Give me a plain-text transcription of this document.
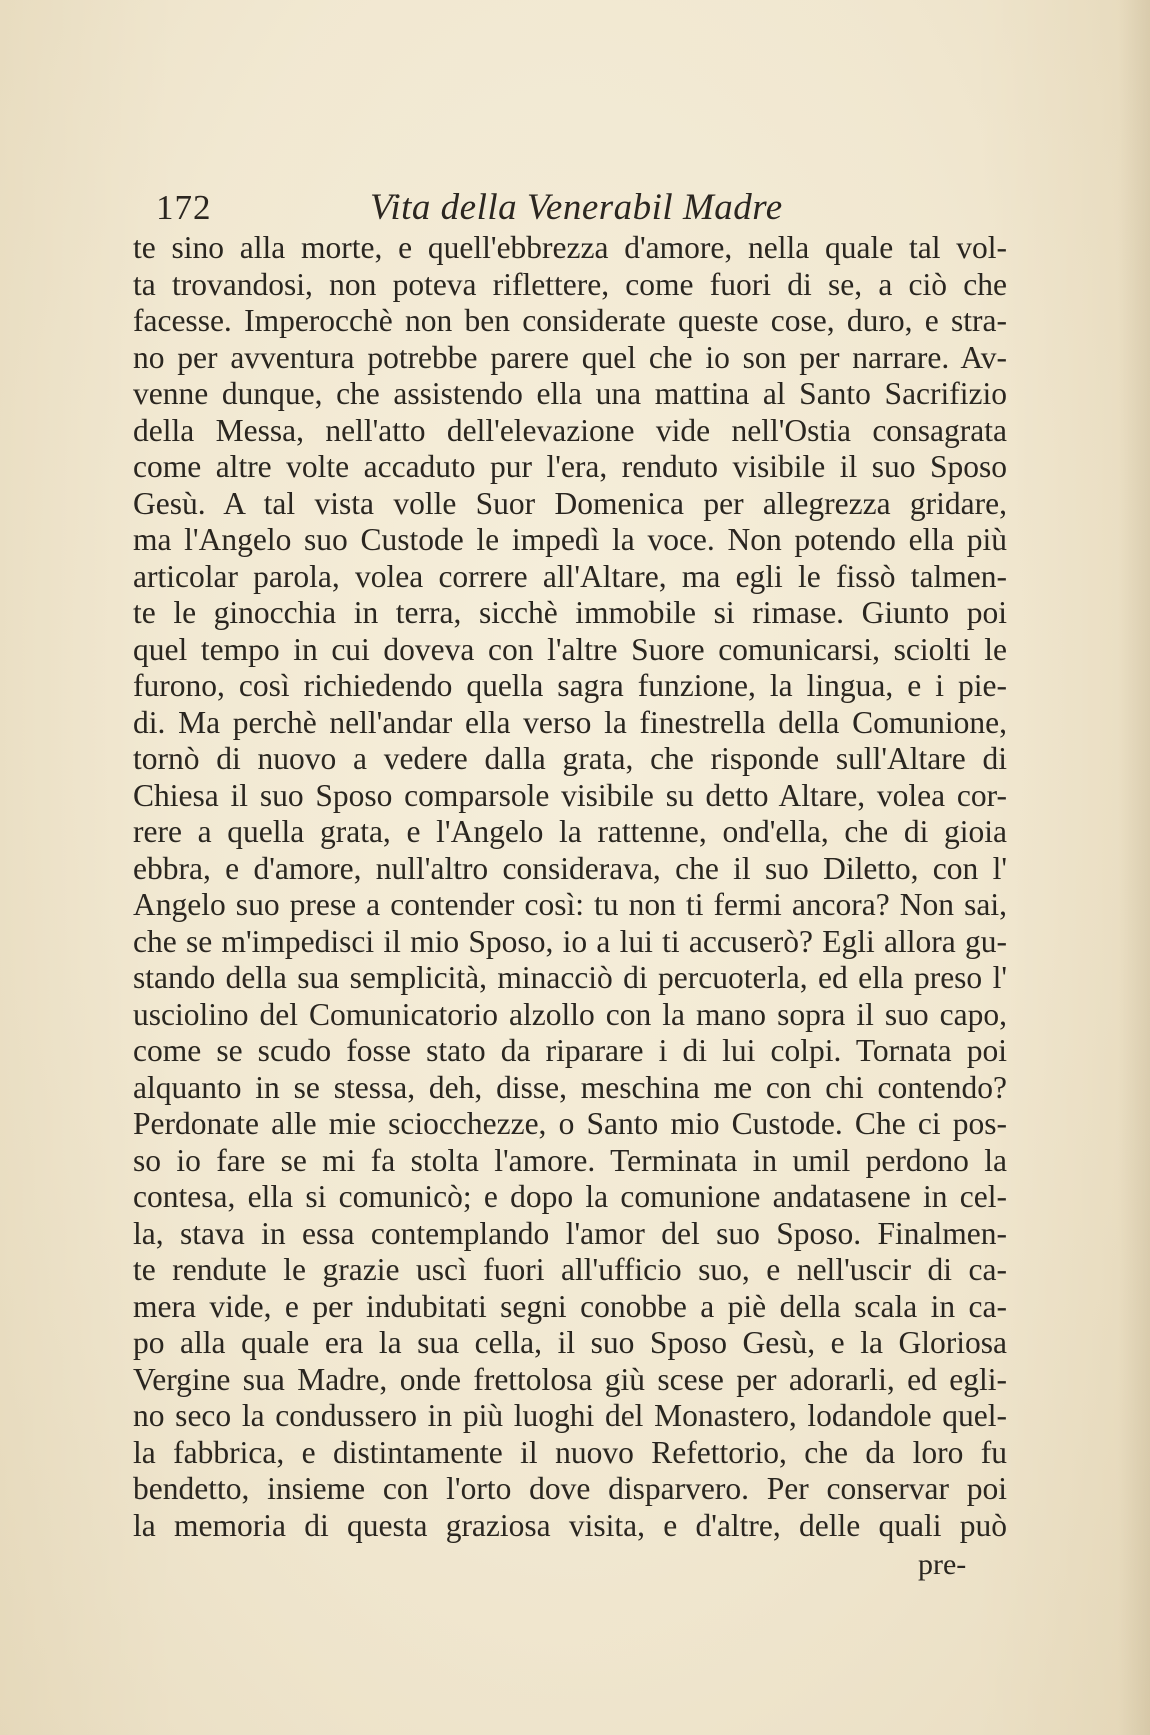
172	Vita della Venerabil Madre
te sino alla morte, e quell'ebbrezza d'amore, nella quale tal vol-
ta trovandosi, non poteva riflettere, come fuori di se, a ciò che
facesse. Imperocchè non ben considerate queste cose, duro, e stra-
no per avventura potrebbe parere quel che io son per narrare. Av-
venne dunque, che assistendo ella una mattina al Santo Sacrifizio
della Messa, nell'atto dell'elevazione vide nell'Ostia consagrata
come altre volte accaduto pur l'era, renduto visibile il suo Sposo
Gesù. A tal vista volle Suor Domenica per allegrezza gridare,
ma l'Angelo suo Custode le impedì la voce. Non potendo ella più
articolar parola, volea correre all'Altare, ma egli le fissò talmen-
te le ginocchia in terra, sicchè immobile si rimase. Giunto poi
quel tempo in cui doveva con l'altre Suore comunicarsi, sciolti le
furono, così richiedendo quella sagra funzione, la lingua, e i pie-
di. Ma perchè nell'andar ella verso la finestrella della Comunione,
tornò di nuovo a vedere dalla grata, che risponde sull'Altare di
Chiesa il suo Sposo comparsole visibile su detto Altare, volea cor-
rere a quella grata, e l'Angelo la rattenne, ond'ella, che di gioia
ebbra, e d'amore, null'altro considerava, che il suo Diletto, con l'
Angelo suo prese a contender così: tu non ti fermi ancora? Non sai,
che se m'impedisci il mio Sposo, io a lui ti accuserò? Egli allora gu-
stando della sua semplicità, minacciò di percuoterla, ed ella preso l'
usciolino del Comunicatorio alzollo con la mano sopra il suo capo,
come se scudo fosse stato da riparare i di lui colpi. Tornata poi
alquanto in se stessa, deh, disse, meschina me con chi contendo?
Perdonate alle mie sciocchezze, o Santo mio Custode. Che ci pos-
so io fare se mi fa stolta l'amore. Terminata in umil perdono la
contesa, ella si comunicò; e dopo la comunione andatasene in cel-
la, stava in essa contemplando l'amor del suo Sposo. Finalmen-
te rendute le grazie uscì fuori all'ufficio suo, e nell'uscir di ca-
mera vide, e per indubitati segni conobbe a piè della scala in ca-
po alla quale era la sua cella, il suo Sposo Gesù, e la Gloriosa
Vergine sua Madre, onde frettolosa giù scese per adorarli, ed egli-
no seco la condussero in più luoghi del Monastero, lodandole quel-
la fabbrica, e distintamente il nuovo Refettorio, che da loro fu
bendetto, insieme con l'orto dove disparvero. Per conservar poi
la memoria di questa graziosa visita, e d'altre, delle quali può
pre-
